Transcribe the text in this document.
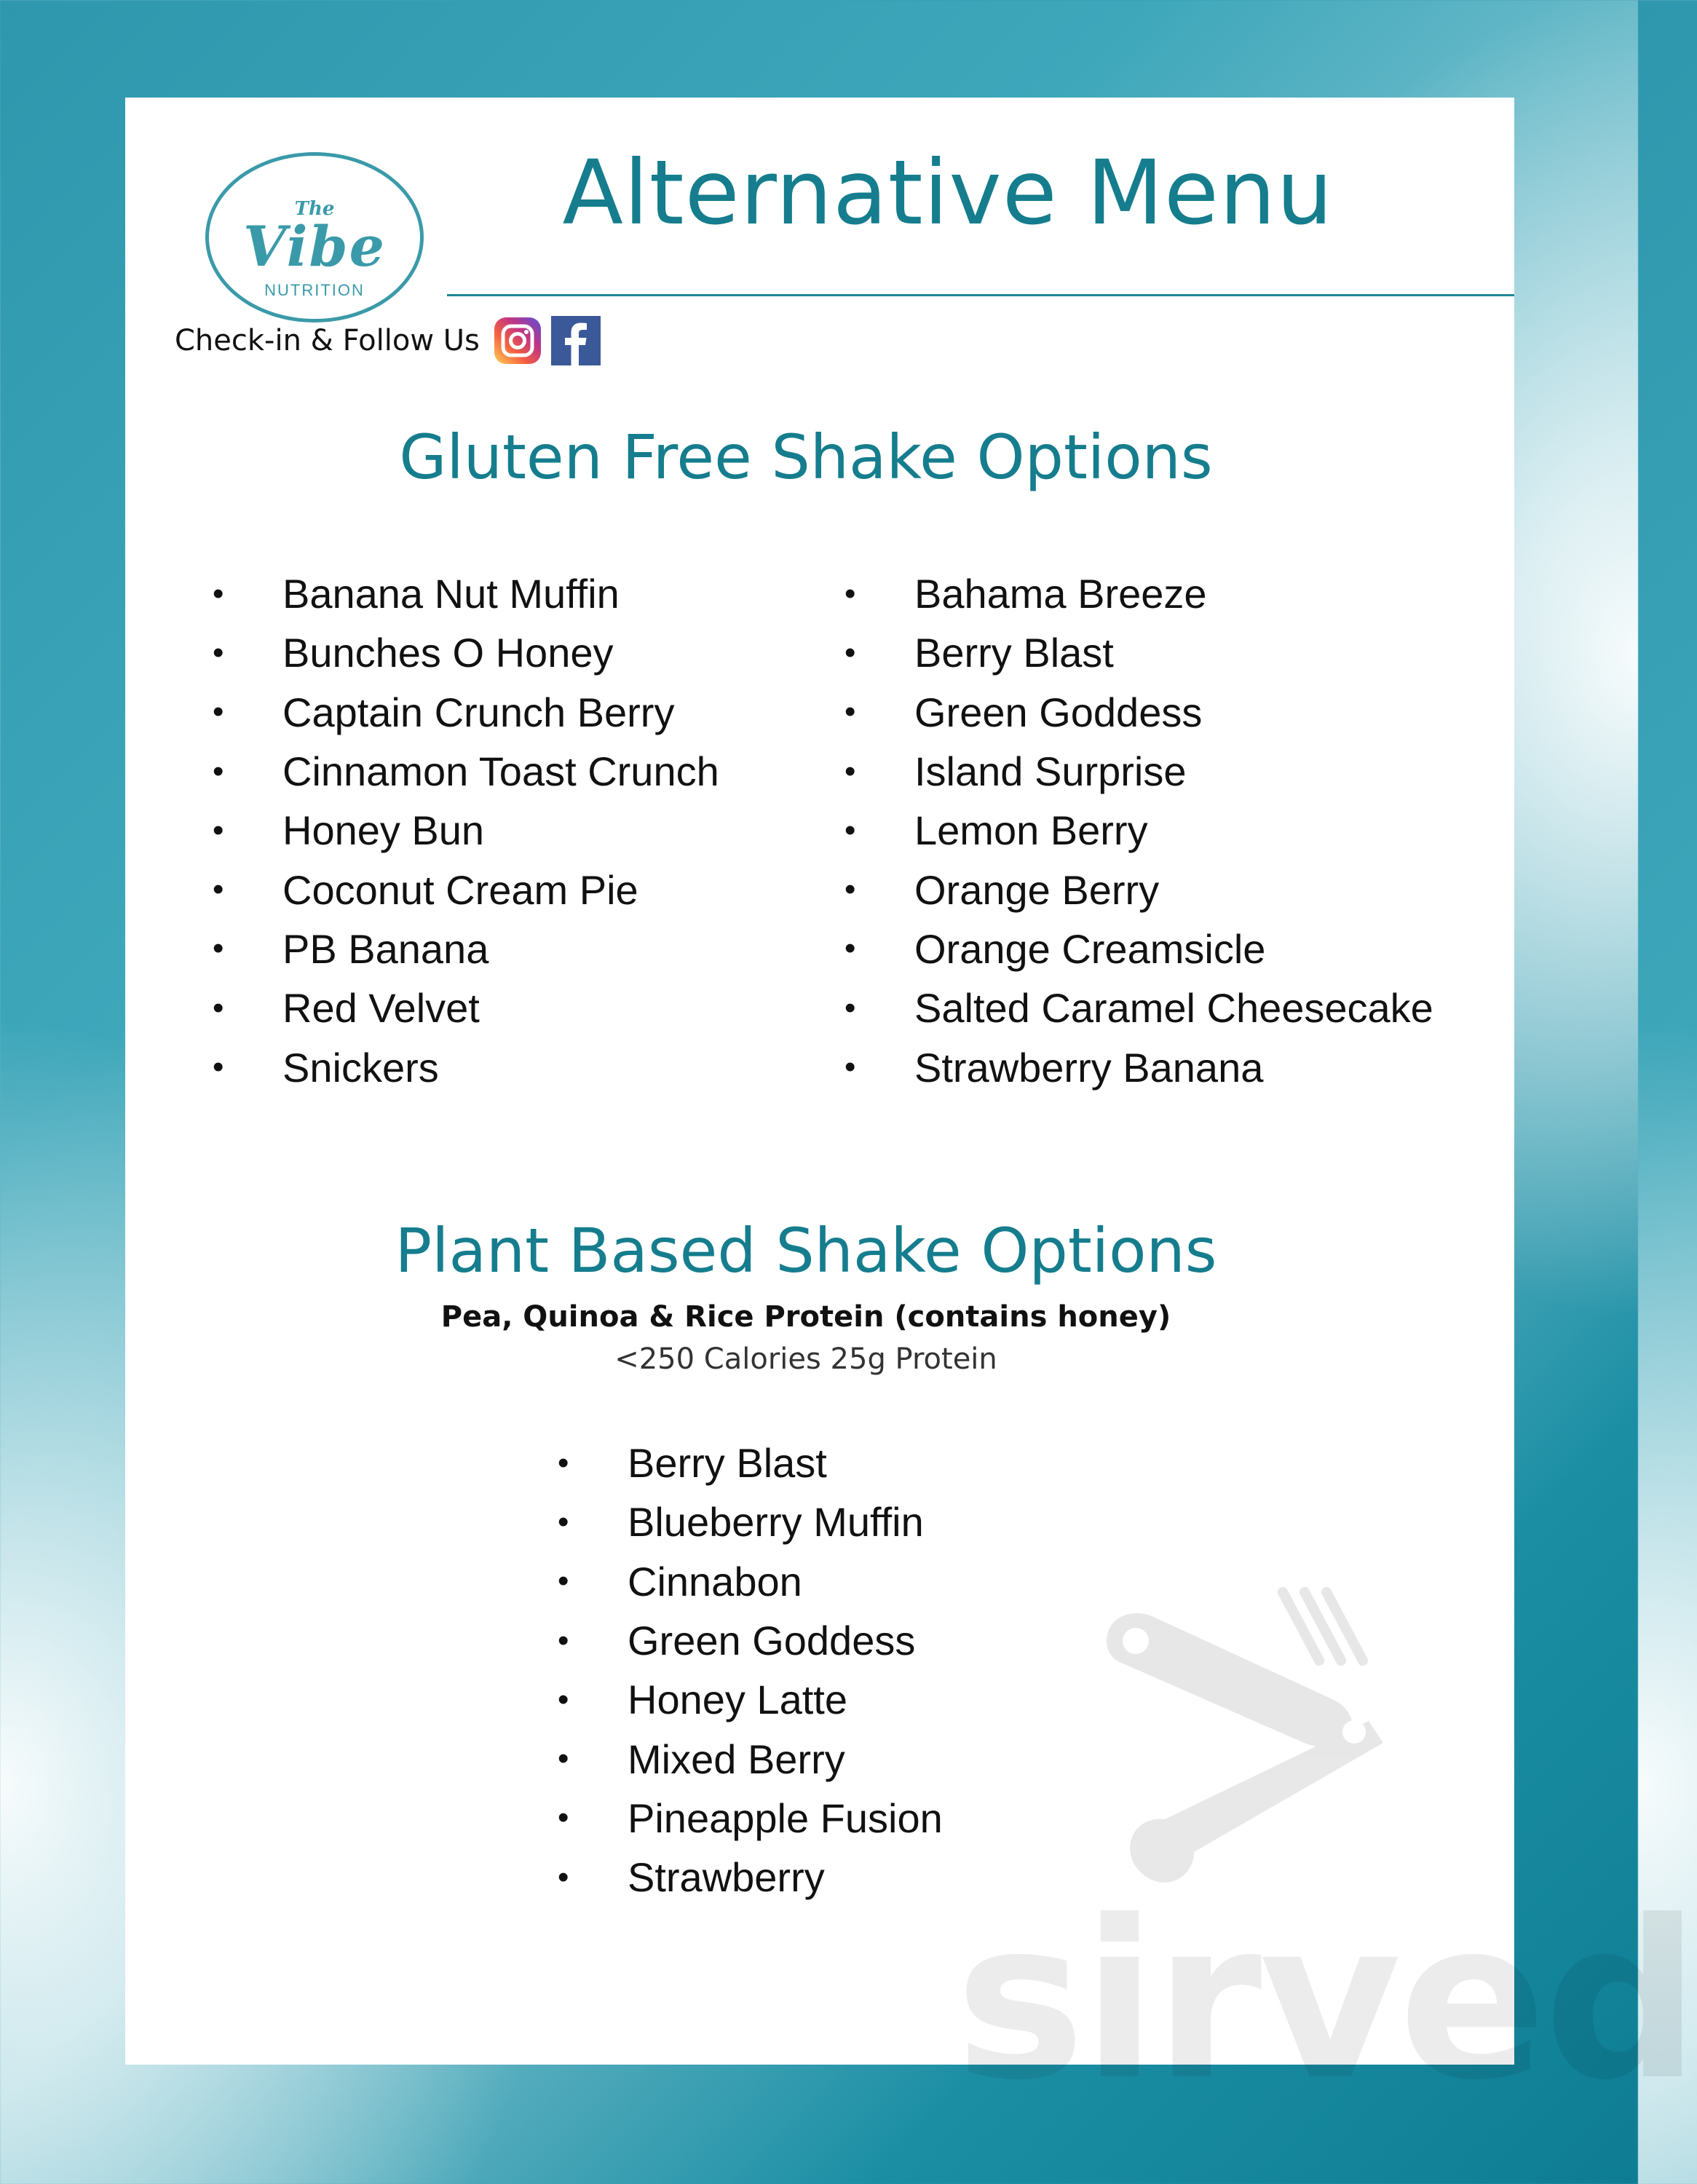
The
Vibe
NUTRITION
Alternative Menu
Check-in & Follow Us
Gluten Free Shake Options
•	Banana Nut Muffin
•	Bunches O Honey
•	Captain Crunch Berry
•	Cinnamon Toast Crunch
•	Honey Bun
•	Coconut Cream Pie
•	PB Banana
•	Red Velvet
•	Snickers
•	Bahama Breeze
•	Berry Blast
•	Green Goddess
•	Island Surprise
•	Lemon Berry
•	Orange Berry
•	Orange Creamsicle
•	Salted Caramel Cheesecake
•	Strawberry Banana
Plant Based Shake Options
Pea, Quinoa & Rice Protein (contains honey)
<250 Calories 25g Protein
•	Berry Blast
•	Blueberry Muffin
•	Cinnabon
•	Green Goddess
•	Honey Latte
•	Mixed Berry
•	Pineapple Fusion
•	Strawberry sirved
